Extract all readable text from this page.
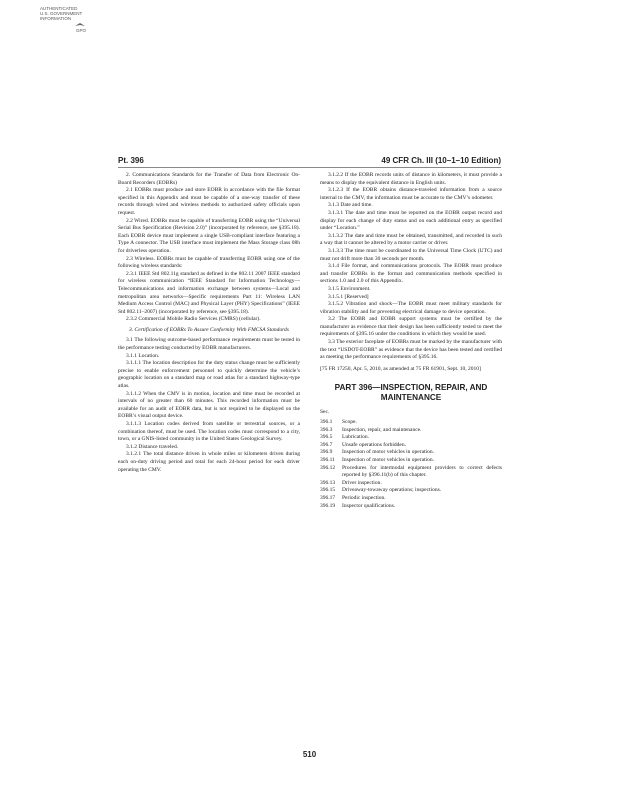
AUTHENTICATED
U.S. GOVERNMENT
INFORMATION
GPO
Pt. 396	49 CFR Ch. III (10–1–10 Edition)

2. Communications Standards for the Transfer of Data from Electronic On-Board Recorders (EOBRs)

2.1 EOBRs must produce and store EOBR in accordance with the file format specified in this Appendix and must be capable of a one-way transfer of these records through wired and wireless methods to authorized safety officials upon request.

2.2 Wired. EOBRs must be capable of transferring EOBR using the “Universal Serial Bus Specification (Revision 2.0)” (incorporated by reference, see §395.18). Each EOBR device must implement a single USB-compliant interface featuring a Type A connector. The USB interface must implement the Mass Storage class 08h for driverless operation.

2.3 Wireless. EOBRs must be capable of transferring EOBR using one of the following wireless standards:

2.3.1 IEEE Std 802.11g standard as defined in the 802.11 2007 IEEE standard for wireless communication “IEEE Standard for Information Technology—Telecommunications and information exchange between systems—Local and metropolitan area networks—Specific requirements Part 11: Wireless LAN Medium Access Control (MAC) and Physical Layer (PHY) Specifications” (IEEE Std 802.11–2007) (incorporated by reference, see §395.18).

2.3.2 Commercial Mobile Radio Services (CMRS) (cellular).

3. Certification of EOBRs To Assure Conformity With FMCSA Standards

3.1 The following outcome-based performance requirements must be tested in the performance testing conducted by EOBR manufacturers.

3.1.1 Location.

3.1.1.1 The location description for the duty status change must be sufficiently precise to enable enforcement personnel to quickly determine the vehicle’s geographic location on a standard map or road atlas for a standard highway-type atlas.

3.1.1.2 When the CMV is in motion, location and time must be recorded at intervals of no greater than 60 minutes. This recorded information must be available for an audit of EOBR data, but is not required to be displayed on the EOBR’s visual output device.

3.1.1.3 Location codes derived from satellite or terrestrial sources, or a combination thereof, must be used. The location codes must correspond to a city, town, or a GNIS-listed community in the United States Geological Survey.

3.1.2 Distance traveled.

3.1.2.1 The total distance driven in whole miles or kilometers driven during each on-duty driving period and total for each 24-hour period for each driver operating the CMV.

3.1.2.2 If the EOBR records units of distance in kilometers, it must provide a means to display the equivalent distance in English units.

3.1.2.3 If the EOBR obtains distance-traveled information from a source internal to the CMV, the information must be accurate to the CMV’s odometer.

3.1.3 Date and time.

3.1.3.1 The date and time must be reported on the EOBR output record and display for each change of duty status and on each additional entry as specified under “Location.”

3.1.3.2 The date and time must be obtained, transmitted, and recorded in such a way that it cannot be altered by a motor carrier or driver.

3.1.3.3 The time must be coordinated to the Universal Time Clock (UTC) and must not drift more than 30 seconds per month.

3.1.4 File format, and communications protocols. The EOBR must produce and transfer EOBRs in the format and communication methods specified in sections 1.0 and 2.0 of this Appendix.

3.1.5 Environment.

3.1.5.1 [Reserved]

3.1.5.2 Vibration and shock—The EOBR must meet military standards for vibration stability and for preventing electrical damage to device operation.

3.2 The EOBR and EOBR support systems must be certified by the manufacturer as evidence that their design has been sufficiently tested to meet the requirements of §395.16 under the conditions in which they would be used.

3.3 The exterior faceplate of EOBRs must be marked by the manufacturer with the text “USDOT-EOBR” as evidence that the device has been tested and certified as meeting the performance requirements of §395.16.

[75 FR 17250, Apr. 5, 2010, as amended at 75 FR 61901, Sept. 10, 2010]

PART 396—INSPECTION, REPAIR, AND MAINTENANCE
Sec.
396.1	Scope.
396.3	Inspection, repair, and maintenance.
396.5	Lubrication.
396.7	Unsafe operations forbidden.
396.9	Inspection of motor vehicles in operation.
396.11	Inspection of motor vehicles in operation.
396.12	Procedures for intermodal equipment providers to correct defects reported by §396.11(b) of this chapter.
396.13	Driver inspection.
396.15	Driveaway-towaway operations; inspections.
396.17	Periodic inspection.
396.19	Inspector qualifications.
510
